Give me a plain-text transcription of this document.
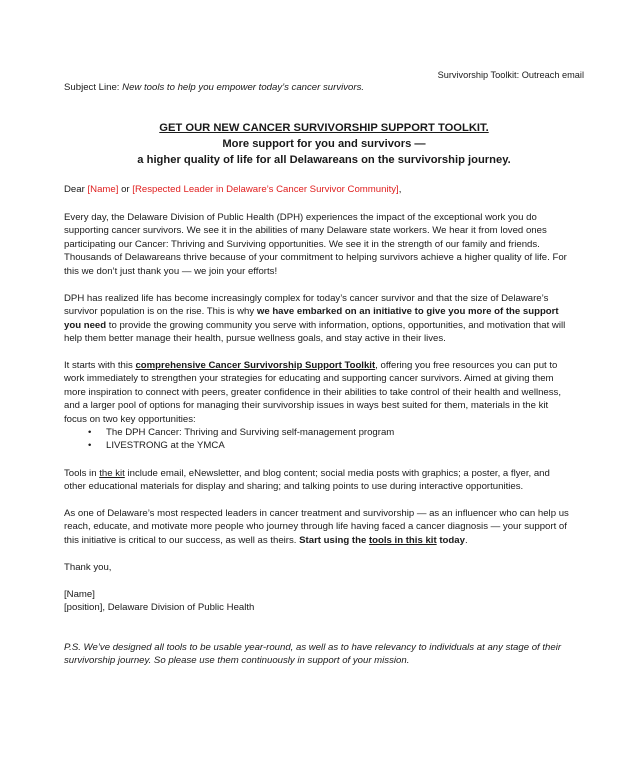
Survivorship Toolkit: Outreach email
Subject Line: New tools to help you empower today’s cancer survivors.
GET OUR NEW CANCER SURVIVORSHIP SUPPORT TOOLKIT.
More support for you and survivors —
a higher quality of life for all Delawareans on the survivorship journey.
Dear [Name] or [Respected Leader in Delaware’s Cancer Survivor Community],
Every day, the Delaware Division of Public Health (DPH) experiences the impact of the exceptional work you do supporting cancer survivors. We see it in the abilities of many Delaware state workers. We hear it from loved ones participating our Cancer: Thriving and Surviving opportunities. We see it in the strength of our family and friends. Thousands of Delawareans thrive because of your commitment to helping survivors achieve a higher quality of life. For this we don’t just thank you — we join your efforts!
DPH has realized life has become increasingly complex for today’s cancer survivor and that the size of Delaware’s survivor population is on the rise. This is why we have embarked on an initiative to give you more of the support you need to provide the growing community you serve with information, options, opportunities, and motivation that will help them better manage their health, pursue wellness goals, and stay active in their lives.
It starts with this comprehensive Cancer Survivorship Support Toolkit, offering you free resources you can put to work immediately to strengthen your strategies for educating and supporting cancer survivors. Aimed at giving them more inspiration to connect with peers, greater confidence in their abilities to take control of their health and wellness, and a larger pool of options for managing their survivorship issues in ways best suited for them, materials in the kit focus on two key opportunities:
• The DPH Cancer: Thriving and Surviving self-management program
• LIVESTRONG at the YMCA
Tools in the kit include email, eNewsletter, and blog content; social media posts with graphics; a poster, a flyer, and other educational materials for display and sharing; and talking points to use during interactive opportunities.
As one of Delaware’s most respected leaders in cancer treatment and survivorship — as an influencer who can help us reach, educate, and motivate more people who journey through life having faced a cancer diagnosis — your support of this initiative is critical to our success, as well as theirs. Start using the tools in this kit today.
Thank you,
[Name]
[position], Delaware Division of Public Health
P.S. We’ve designed all tools to be usable year-round, as well as to have relevancy to individuals at any stage of their survivorship journey. So please use them continuously in support of your mission.
